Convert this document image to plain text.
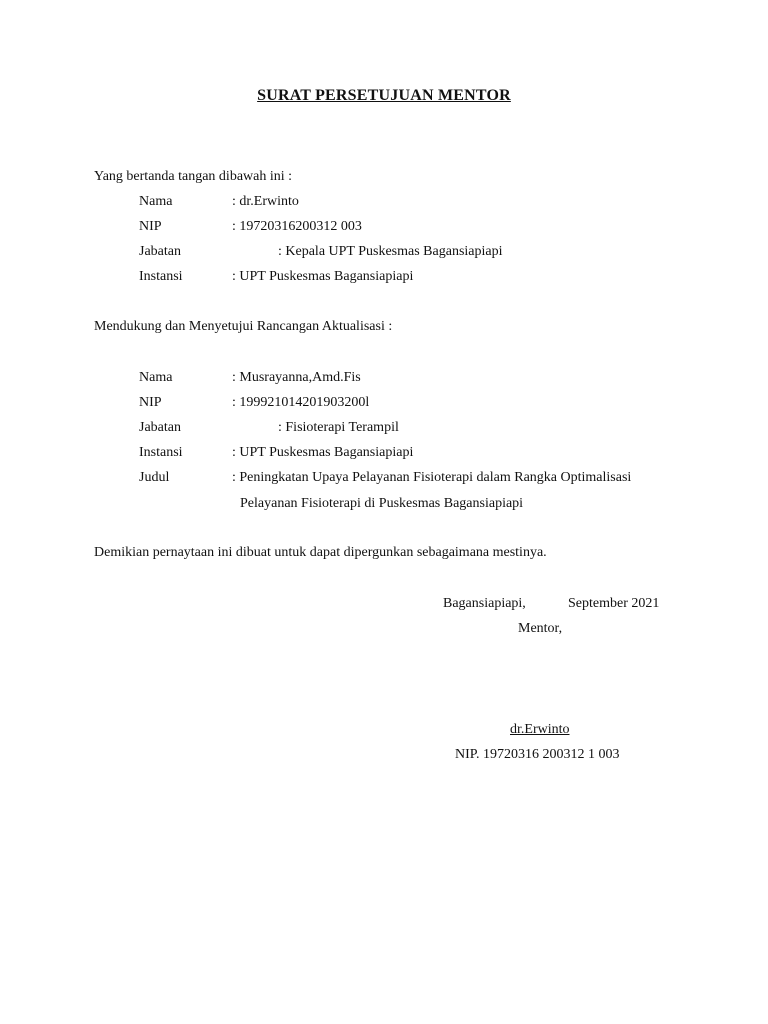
SURAT PERSETUJUAN MENTOR
Yang bertanda tangan dibawah ini :
Nama	: dr.Erwinto
NIP	: 19720316200312 003
Jabatan	: Kepala UPT Puskesmas Bagansiapiapi
Instansi	: UPT Puskesmas Bagansiapiapi
Mendukung dan Menyetujui Rancangan Aktualisasi :
Nama	: Musrayanna,Amd.Fis
NIP	: 199921014201903200l
Jabatan	: Fisioterapi Terampil
Instansi	: UPT Puskesmas Bagansiapiapi
Judul	: Peningkatan Upaya Pelayanan Fisioterapi dalam Rangka Optimalisasi
Pelayanan Fisioterapi di Puskesmas Bagansiapiapi
Demikian pernaytaan ini dibuat untuk dapat dipergunkan sebagaimana mestinya.
Bagansiapiapi,	September 2021
Mentor,
dr.Erwinto
NIP. 19720316 200312 1 003
